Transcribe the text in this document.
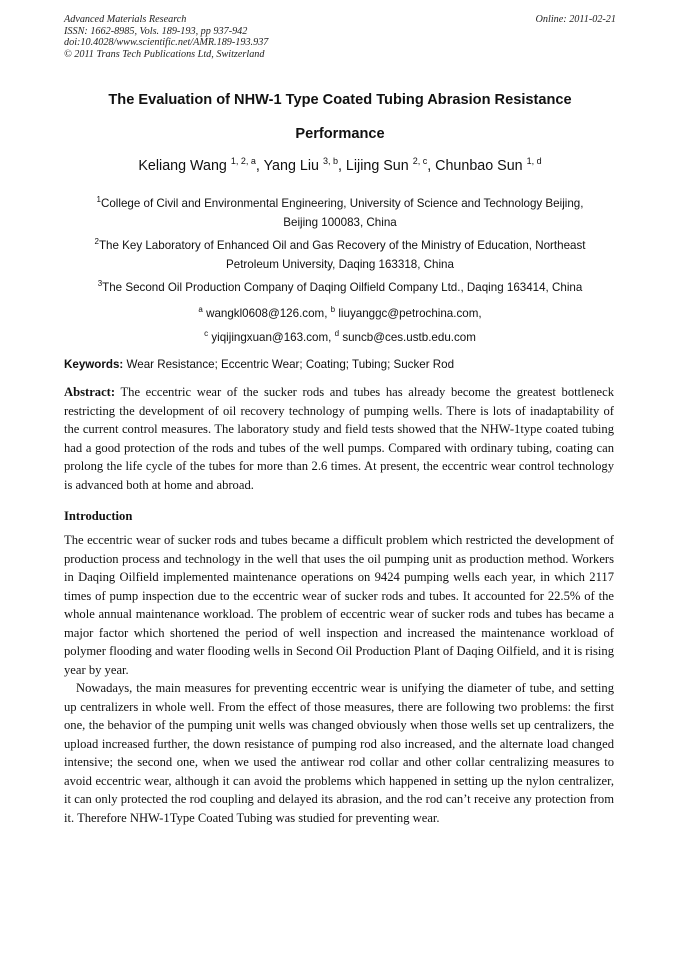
Advanced Materials Research
ISSN: 1662-8985, Vols. 189-193, pp 937-942
doi:10.4028/www.scientific.net/AMR.189-193.937
© 2011 Trans Tech Publications Ltd, Switzerland
Online: 2011-02-21
The Evaluation of NHW-1 Type Coated Tubing Abrasion Resistance
Performance
Keliang Wang $^{1, 2, a}$, Yang Liu $^{3, b}$, Lijing Sun $^{2, c}$, Chunbao Sun $^{1, d}$
$^1$College of Civil and Environmental Engineering, University of Science and Technology Beijing,
Beijing 100083, China
$^2$The Key Laboratory of Enhanced Oil and Gas Recovery of the Ministry of Education, Northeast
Petroleum University, Daqing 163318, China
$^3$The Second Oil Production Company of Daqing Oilfield Company Ltd., Daqing 163414, China
$^a$ wangkl0608@126.com, $^b$ liuyanggc@petrochina.com,
$^c$ yiqijingxuan@163.com, $^d$ suncb@ces.ustb.edu.com
Keywords: Wear Resistance; Eccentric Wear; Coating; Tubing; Sucker Rod
Abstract: The eccentric wear of the sucker rods and tubes has already become the greatest bottleneck restricting the development of oil recovery technology of pumping wells. There is lots of inadaptability of the current control measures. The laboratory study and field tests showed that the NHW-1type coated tubing had a good protection of the rods and tubes of the well pumps. Compared with ordinary tubing, coating can prolong the life cycle of the tubes for more than 2.6 times. At present, the eccentric wear control technology is advanced both at home and abroad.
Introduction
The eccentric wear of sucker rods and tubes became a difficult problem which restricted the development of production process and technology in the well that uses the oil pumping unit as production method. Workers in Daqing Oilfield implemented maintenance operations on 9424 pumping wells each year, in which 2117 times of pump inspection due to the eccentric wear of sucker rods and tubes. It accounted for 22.5% of the whole annual maintenance workload. The problem of eccentric wear of sucker rods and tubes has became a major factor which shortened the period of well inspection and increased the maintenance workload of polymer flooding and water flooding wells in Second Oil Production Plant of Daqing Oilfield, and it is rising year by year.
Nowadays, the main measures for preventing eccentric wear is unifying the diameter of tube, and setting up centralizers in whole well. From the effect of those measures, there are following two problems: the first one, the behavior of the pumping unit wells was changed obviously when those wells set up centralizers, the upload increased further, the down resistance of pumping rod also increased, and the alternate load changed intensive; the second one, when we used the antiwear rod collar and other collar centralizing measures to avoid eccentric wear, although it can avoid the problems which happened in setting up the nylon centralizer, it can only protected the rod coupling and delayed its abrasion, and the rod can’t receive any protection from it. Therefore NHW-1Type Coated Tubing was studied for preventing wear.
